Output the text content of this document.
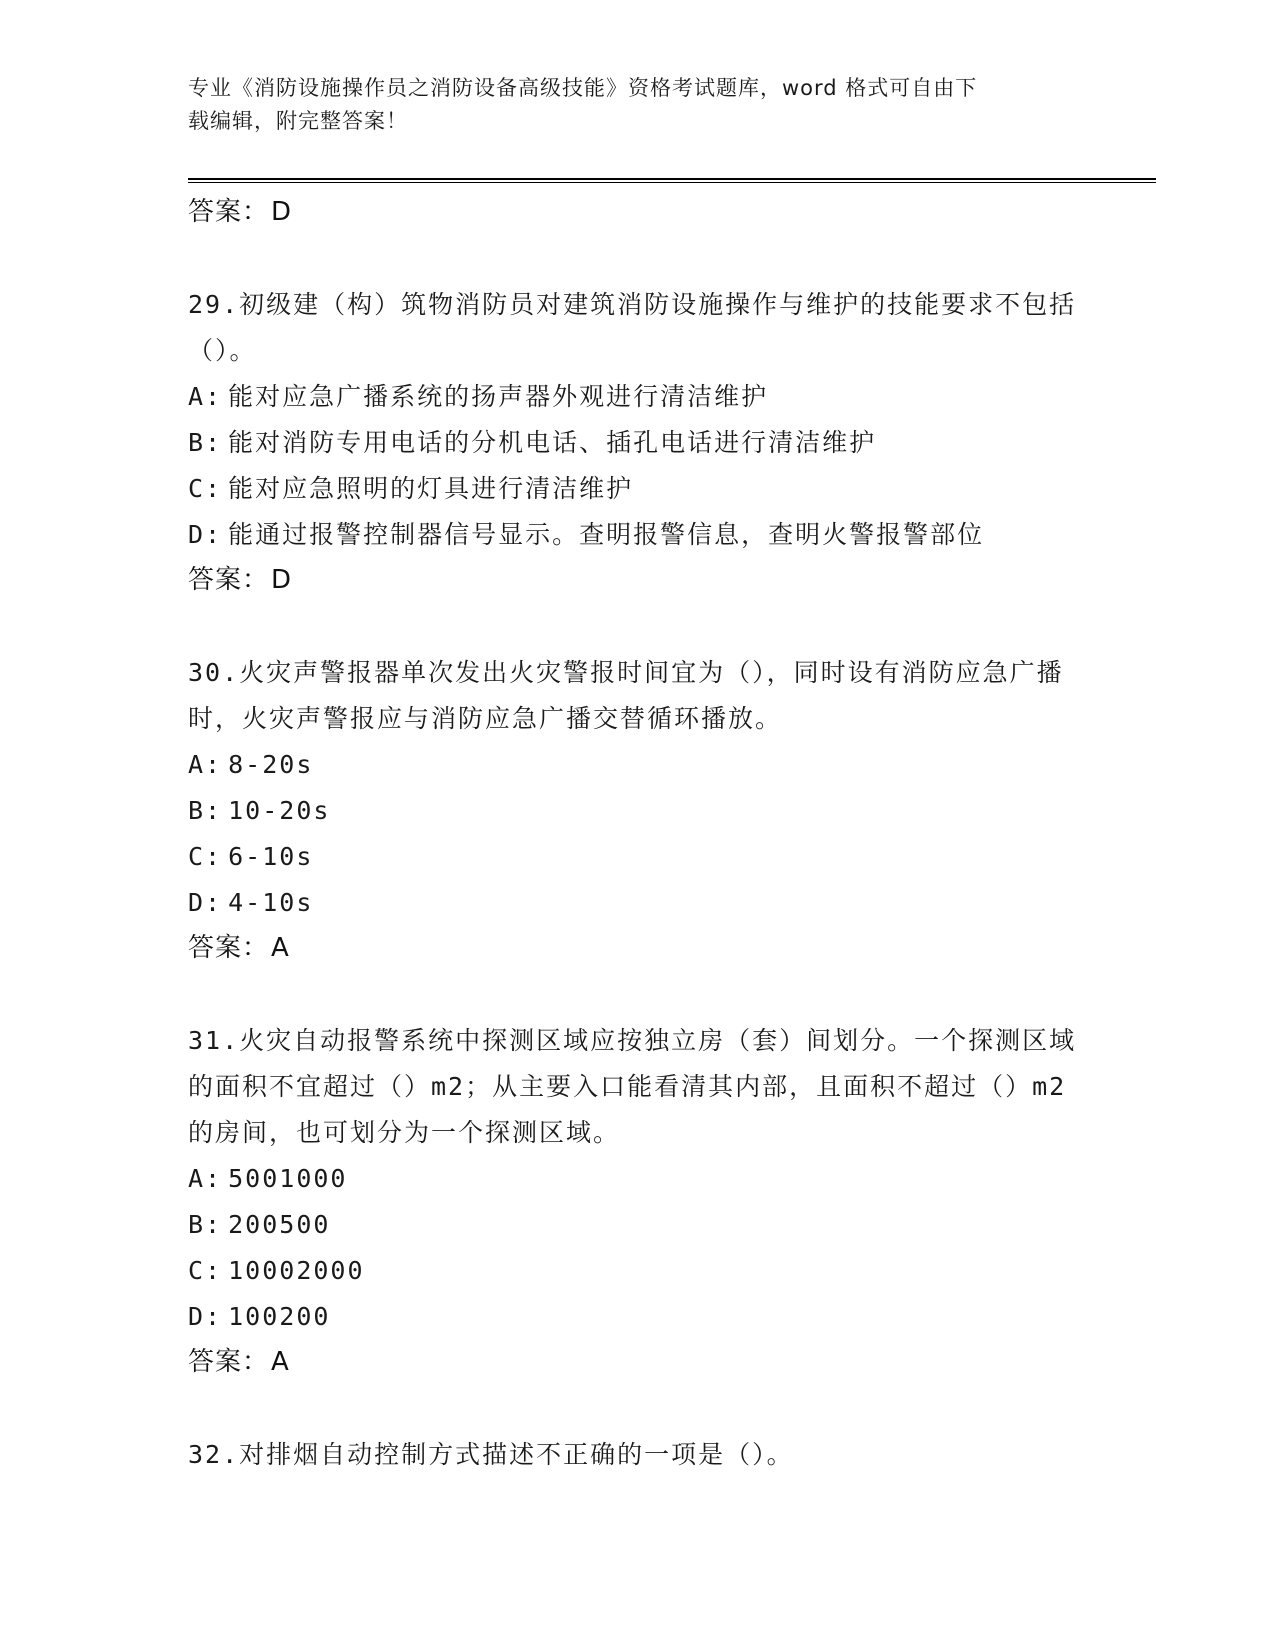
专业《消防设施操作员之消防设备高级技能》资格考试题库，word 格式可自由下
载编辑，附完整答案！
答案：D
29.初级建（构）筑物消防员对建筑消防设施操作与维护的技能要求不包括（）。
A: 能对应急广播系统的扬声器外观进行清洁维护
B: 能对消防专用电话的分机电话、插孔电话进行清洁维护
C: 能对应急照明的灯具进行清洁维护
D: 能通过报警控制器信号显示。查明报警信息，查明火警报警部位
答案：D
30.火灾声警报器单次发出火灾警报时间宜为（），同时设有消防应急广播时，火灾声警报应与消防应急广播交替循环播放。
A: 8-20s
B: 10-20s
C: 6-10s
D: 4-10s
答案：A
31.火灾自动报警系统中探测区域应按独立房（套）间划分。一个探测区域的面积不宜超过（）m2；从主要入口能看清其内部，且面积不超过（）m2 的房间，也可划分为一个探测区域。
A: 5001000
B: 200500
C: 10002000
D: 100200
答案：A
32.对排烟自动控制方式描述不正确的一项是（）。
